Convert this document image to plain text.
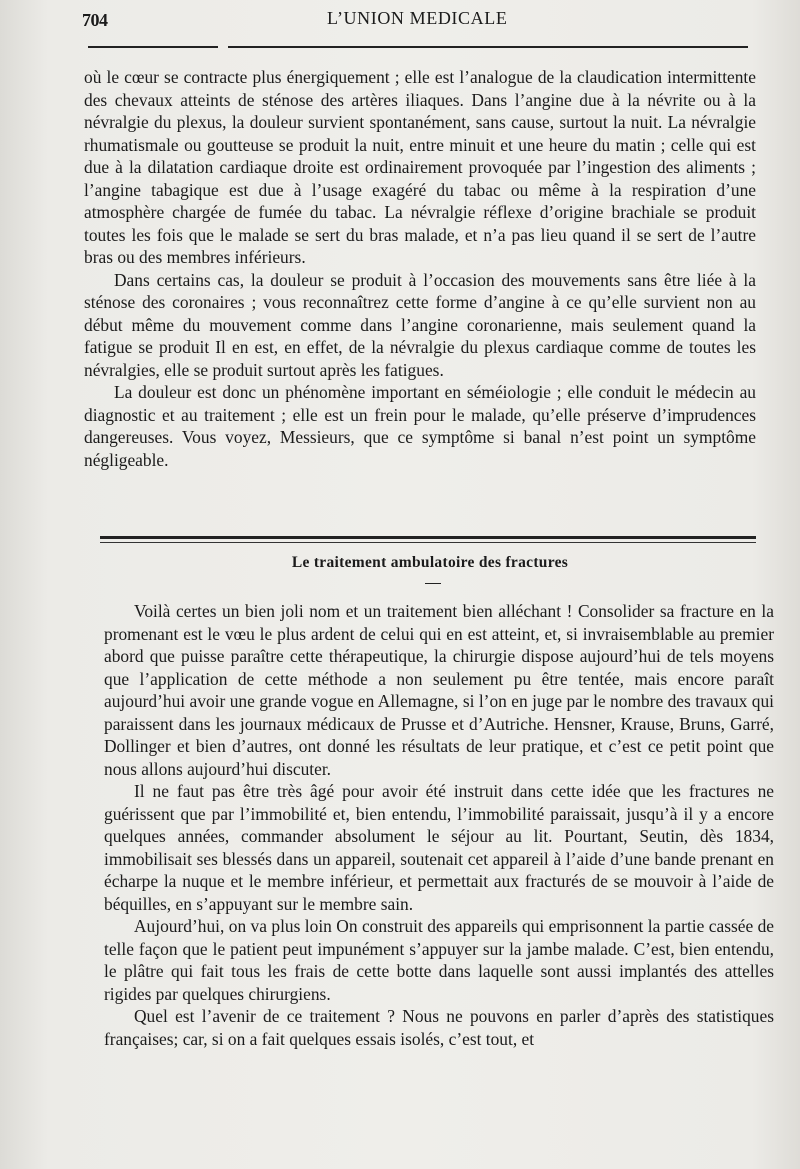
704	L’UNION MEDICALE

où le cœur se contracte plus énergiquement ; elle est l’analogue de la claudication intermittente des chevaux atteints de sténose des artères iliaques. Dans l’angine due à la névrite ou à la névralgie du plexus, la douleur survient spontanément, sans cause, surtout la nuit. La névralgie rhumatismale ou goutteuse se produit la nuit, entre minuit et une heure du matin ; celle qui est due à la dilatation cardiaque droite est ordinairement provoquée par l’ingestion des aliments ; l’angine tabagique est due à l’usage exagéré du tabac ou même à la respiration d’une atmosphère chargée de fumée du tabac. La névralgie réflexe d’origine brachiale se produit toutes les fois que le malade se sert du bras malade, et n’a pas lieu quand il se sert de l’autre bras ou des membres inférieurs.

Dans certains cas, la douleur se produit à l’occasion des mouvements sans être liée à la sténose des coronaires ; vous reconnaîtrez cette forme d’angine à ce qu’elle survient non au début même du mouvement comme dans l’angine coronarienne, mais seulement quand la fatigue se produit Il en est, en effet, de la névralgie du plexus cardiaque comme de toutes les névralgies, elle se produit surtout après les fatigues.

La douleur est donc un phénomène important en séméiologie ; elle conduit le médecin au diagnostic et au traitement ; elle est un frein pour le malade, qu’elle préserve d’imprudences dangereuses. Vous voyez, Messieurs, que ce symptôme si banal n’est point un symptôme négligeable.

Le traitement ambulatoire des fractures

Voilà certes un bien joli nom et un traitement bien alléchant ! Consolider sa fracture en la promenant est le vœu le plus ardent de celui qui en est atteint, et, si invraisemblable au premier abord que puisse paraître cette thérapeutique, la chirurgie dispose aujourd’hui de tels moyens que l’application de cette méthode a non seulement pu être tentée, mais encore paraît aujourd’hui avoir une grande vogue en Allemagne, si l’on en juge par le nombre des travaux qui paraissent dans les journaux médicaux de Prusse et d’Autriche. Hensner, Krause, Bruns, Garré, Dollinger et bien d’autres, ont donné les résultats de leur pratique, et c’est ce petit point que nous allons aujourd’hui discuter.

Il ne faut pas être très âgé pour avoir été instruit dans cette idée que les fractures ne guérissent que par l’immobilité et, bien entendu, l’immobilité paraissait, jusqu’à il y a encore quelques années, commander absolument le séjour au lit. Pourtant, Seutin, dès 1834, immobilisait ses blessés dans un appareil, soutenait cet appareil à l’aide d’une bande prenant en écharpe la nuque et le membre inférieur, et permettait aux fracturés de se mouvoir à l’aide de béquilles, en s’appuyant sur le membre sain.

Aujourd’hui, on va plus loin On construit des appareils qui emprisonnent la partie cassée de telle façon que le patient peut impunément s’appuyer sur la jambe malade. C’est, bien entendu, le plâtre qui fait tous les frais de cette botte dans laquelle sont aussi implantés des attelles rigides par quelques chirurgiens.

Quel est l’avenir de ce traitement ? Nous ne pouvons en parler d’après des statistiques françaises; car, si on a fait quelques essais isolés, c’est tout, et
